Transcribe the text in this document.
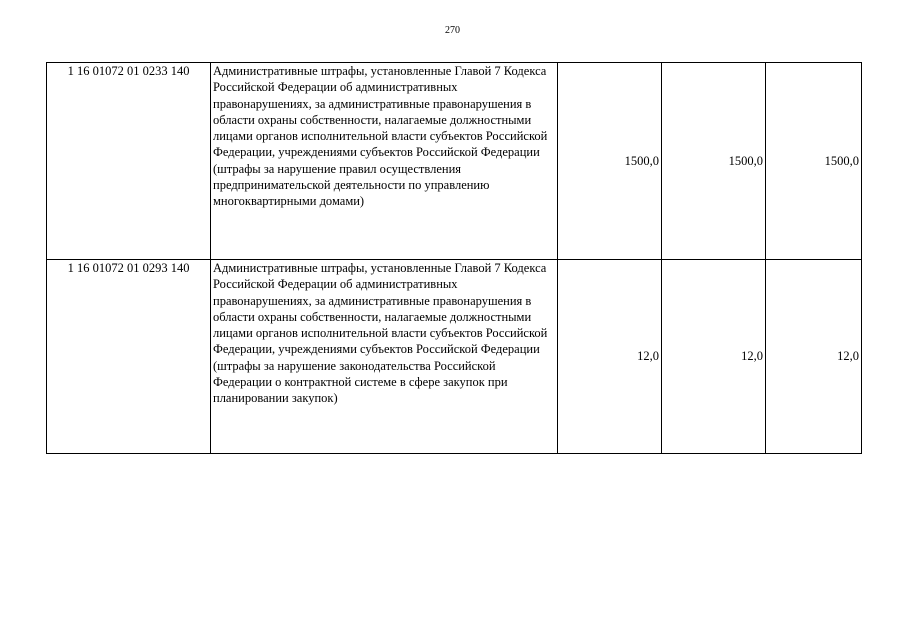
270
1 16 01072 01 0233 140	Административные штрафы, установленные Главой 7 Кодекса Российской Федерации об административных правонарушениях, за административные правонарушения в области охраны собственности, налагаемые должностными лицами органов исполнительной власти субъектов Российской Федерации, учреждениями субъектов Российской Федерации (штрафы за нарушение правил осуществления предпринимательской деятельности по управлению многоквартирными домами)	1500,0	1500,0	1500,0
1 16 01072 01 0293 140	Административные штрафы, установленные Главой 7 Кодекса Российской Федерации об административных правонарушениях, за административные правонарушения в области охраны собственности, налагаемые должностными лицами органов исполнительной власти субъектов Российской Федерации, учреждениями субъектов Российской Федерации (штрафы за нарушение законодательства Российской Федерации о контрактной системе в сфере закупок при планировании закупок)	12,0	12,0	12,0
